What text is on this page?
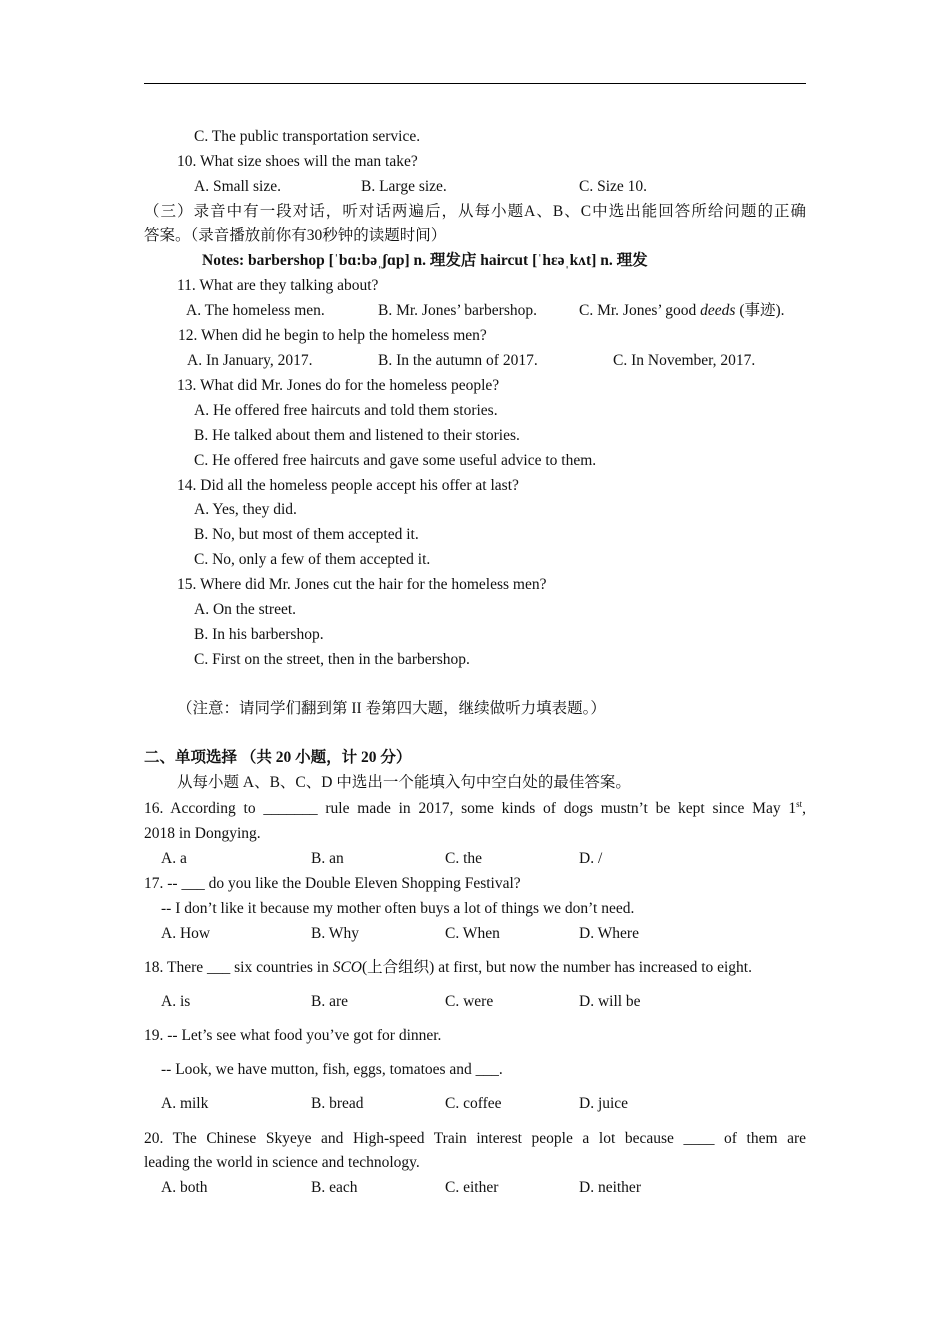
C. The public transportation service.
10. What size shoes will the man take?
A. Small size.	B. Large size.	C. Size 10.
（三）录音中有一段对话，听对话两遍后，从每小题A、B、C中选出能回答所给问题的正确
答案。（录音播放前你有30秒钟的读题时间）
Notes: barbershop [ˈbɑ:bəˌʃɑp] n. 理发店 haircut [ˈhɛəˌkʌt] n. 理发
11. What are they talking about?
A. The homeless men.	B. Mr. Jones’ barbershop.	C. Mr. Jones’ good deeds (事迹).
12. When did he begin to help the homeless men?
A. In January, 2017.	B. In the autumn of 2017.	C. In November, 2017.
13. What did Mr. Jones do for the homeless people?
A. He offered free haircuts and told them stories.
B. He talked about them and listened to their stories.
C. He offered free haircuts and gave some useful advice to them.
14. Did all the homeless people accept his offer at last?
A. Yes, they did.
B. No, but most of them accepted it.
C. No, only a few of them accepted it.
15. Where did Mr. Jones cut the hair for the homeless men?
A. On the street.
B. In his barbershop.
C. First on the street, then in the barbershop.
（注意：请同学们翻到第 II 卷第四大题，继续做听力填表题。）
二、单项选择 （共 20 小题，计 20 分）
从每小题 A、B、C、D 中选出一个能填入句中空白处的最佳答案。
16. According to _______ rule made in 2017, some kinds of dogs mustn’t be kept since May 1st,
2018 in Dongying.
A. a	B. an	C. the	D. /
17. -- ___ do you like the Double Eleven Shopping Festival?
-- I don’t like it because my mother often buys a lot of things we don’t need.
A. How	B. Why	C. When	D. Where
18. There ___ six countries in SCO(上合组织) at first, but now the number has increased to eight.
A. is	B. are	C. were	D. will be
19. -- Let’s see what food you’ve got for dinner.
-- Look, we have mutton, fish, eggs, tomatoes and ___.
A. milk	B. bread	C. coffee	D. juice
20. The Chinese Skyeye and High-speed Train interest people a lot because ____ of them are
leading the world in science and technology.
A. both	B. each	C. either	D. neither
